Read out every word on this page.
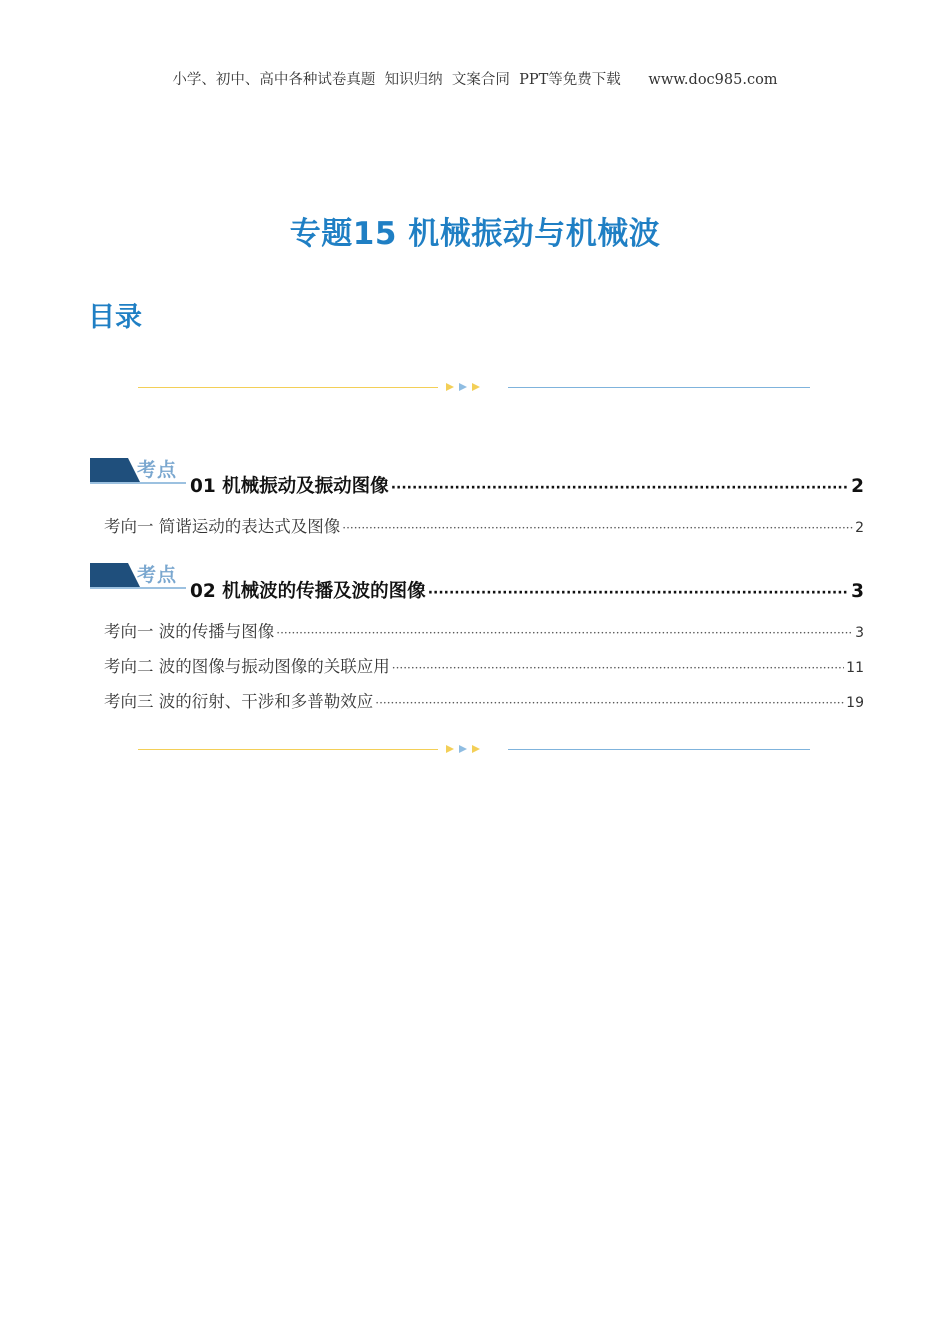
小学、初中、高中各种试卷真题  知识归纳  文案合同  PPT等免费下载      www.doc985.com
专题15 机械振动与机械波
目录
考点
01 机械振动及振动图像 ·····	2
考向一 简谐运动的表达式及图像 ·····	2
考点
02 机械波的传播及波的图像 ·····	3
考向一 波的传播与图像 ·····	3
考向二 波的图像与振动图像的关联应用 ·····	11
考向三 波的衍射、干涉和多普勒效应 ·····	19
